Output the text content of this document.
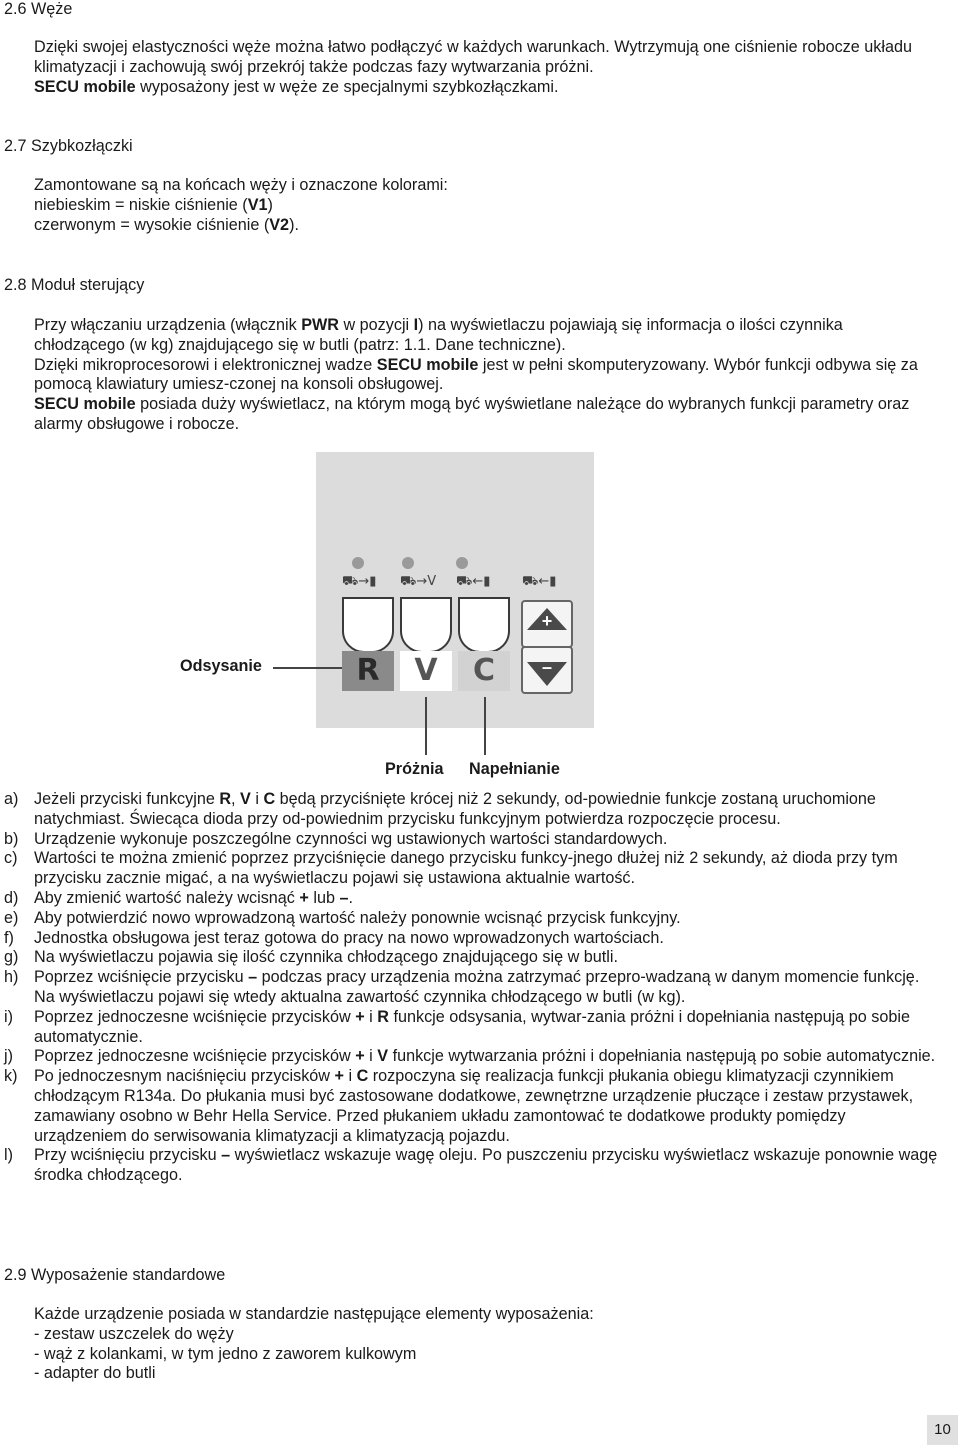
2.6 Węże

Dzięki swojej elastyczności węże można łatwo podłączyć w każdych warunkach. Wytrzymują one ciśnienie robocze układu klimatyzacji i zachowują swój przekrój także podczas fazy wytwarzania próżni.
SECU mobile wyposażony jest w węże ze specjalnymi szybkozłączkami.

2.7 Szybkozłączki

Zamontowane są na końcach węży i oznaczone kolorami:

niebieskim = niskie ciśnienie (V1)

czerwonym = wysokie ciśnienie (V2).

2.8 Moduł sterujący

Przy włączaniu urządzenia (włącznik PWR w pozycji I) na wyświetlaczu pojawiają się informacja o ilości czynnika chłodzącego (w kg) znajdującego się w butli (patrz: 1.1. Dane techniczne).

Dzięki mikroprocesorowi i elektronicznej wadze SECU mobile jest w pełni skomputeryzowany. Wybór funkcji odbywa się za pomocą klawiatury umiesz-czonej na konsoli obsługowej.

SECU mobile posiada duży wyświetlacz, na którym mogą być wyświetlane należące do wybranych funkcji parametry oraz alarmy obsługowe i robocze.

⛟→▮ ⛟→V ⛟←▮ ⛟←▮
R	V	C
+
–
Odsysanie
Próżnia Napełnianie
a) Jeżeli przyciski funkcyjne R, V i C będą przyciśnięte krócej niż 2 sekundy, od-powiednie funkcje zostaną uruchomione natychmiast. Świecąca dioda przy od-powiednim przycisku funkcyjnym potwierdza rozpoczęcie procesu.
b) Urządzenie wykonuje poszczególne czynności wg ustawionych wartości standardowych.
c) Wartości te można zmienić poprzez przyciśnięcie danego przycisku funkcy-jnego dłużej niż 2 sekundy, aż dioda przy tym przycisku zacznie migać, a na wyświetlaczu pojawi się ustawiona aktualnie wartość.
d) Aby zmienić wartość należy wcisnąć + lub –.
e) Aby potwierdzić nowo wprowadzoną wartość należy ponownie wcisnąć przycisk funkcyjny.
f) Jednostka obsługowa jest teraz gotowa do pracy na nowo wprowadzonych wartościach.
g) Na wyświetlaczu pojawia się ilość czynnika chłodzącego znajdującego się w butli.
h) Poprzez wciśnięcie przycisku – podczas pracy urządzenia można zatrzymać przepro-wadzaną w danym momencie funkcję. Na wyświetlaczu pojawi się wtedy aktualna zawartość czynnika chłodzącego w butli (w kg).
i) Poprzez jednoczesne wciśnięcie przycisków + i R funkcje odsysania, wytwar-zania próżni i dopełniania następują po sobie automatycznie.
j) Poprzez jednoczesne wciśnięcie przycisków + i V funkcje wytwarzania próżni i dopełniania następują po sobie automatycznie.
k) Po jednoczesnym naciśnięciu przycisków + i C rozpoczyna się realizacja funkcji płukania obiegu klimatyzacji czynnikiem chłodzącym R134a. Do płukania musi być zastosowane dodatkowe, zewnętrzne urządzenie płuczące i zestaw przystawek, zamawiany osobno w Behr Hella Service. Przed płukaniem układu zamontować te dodatkowe produkty pomiędzy urządzeniem do serwisowania klimatyzacji a klimatyzacją pojazdu.
l) Przy wciśnięciu przycisku – wyświetlacz wskazuje wagę oleju. Po puszczeniu przycisku wyświetlacz wskazuje ponownie wagę środka chłodzącego.
2.9 Wyposażenie standardowe

Każde urządzenie posiada w standardzie następujące elementy wyposażenia:

- zestaw uszczelek do węży

- wąż z kolankami, w tym jedno z zaworem kulkowym

- adapter do butli

10
